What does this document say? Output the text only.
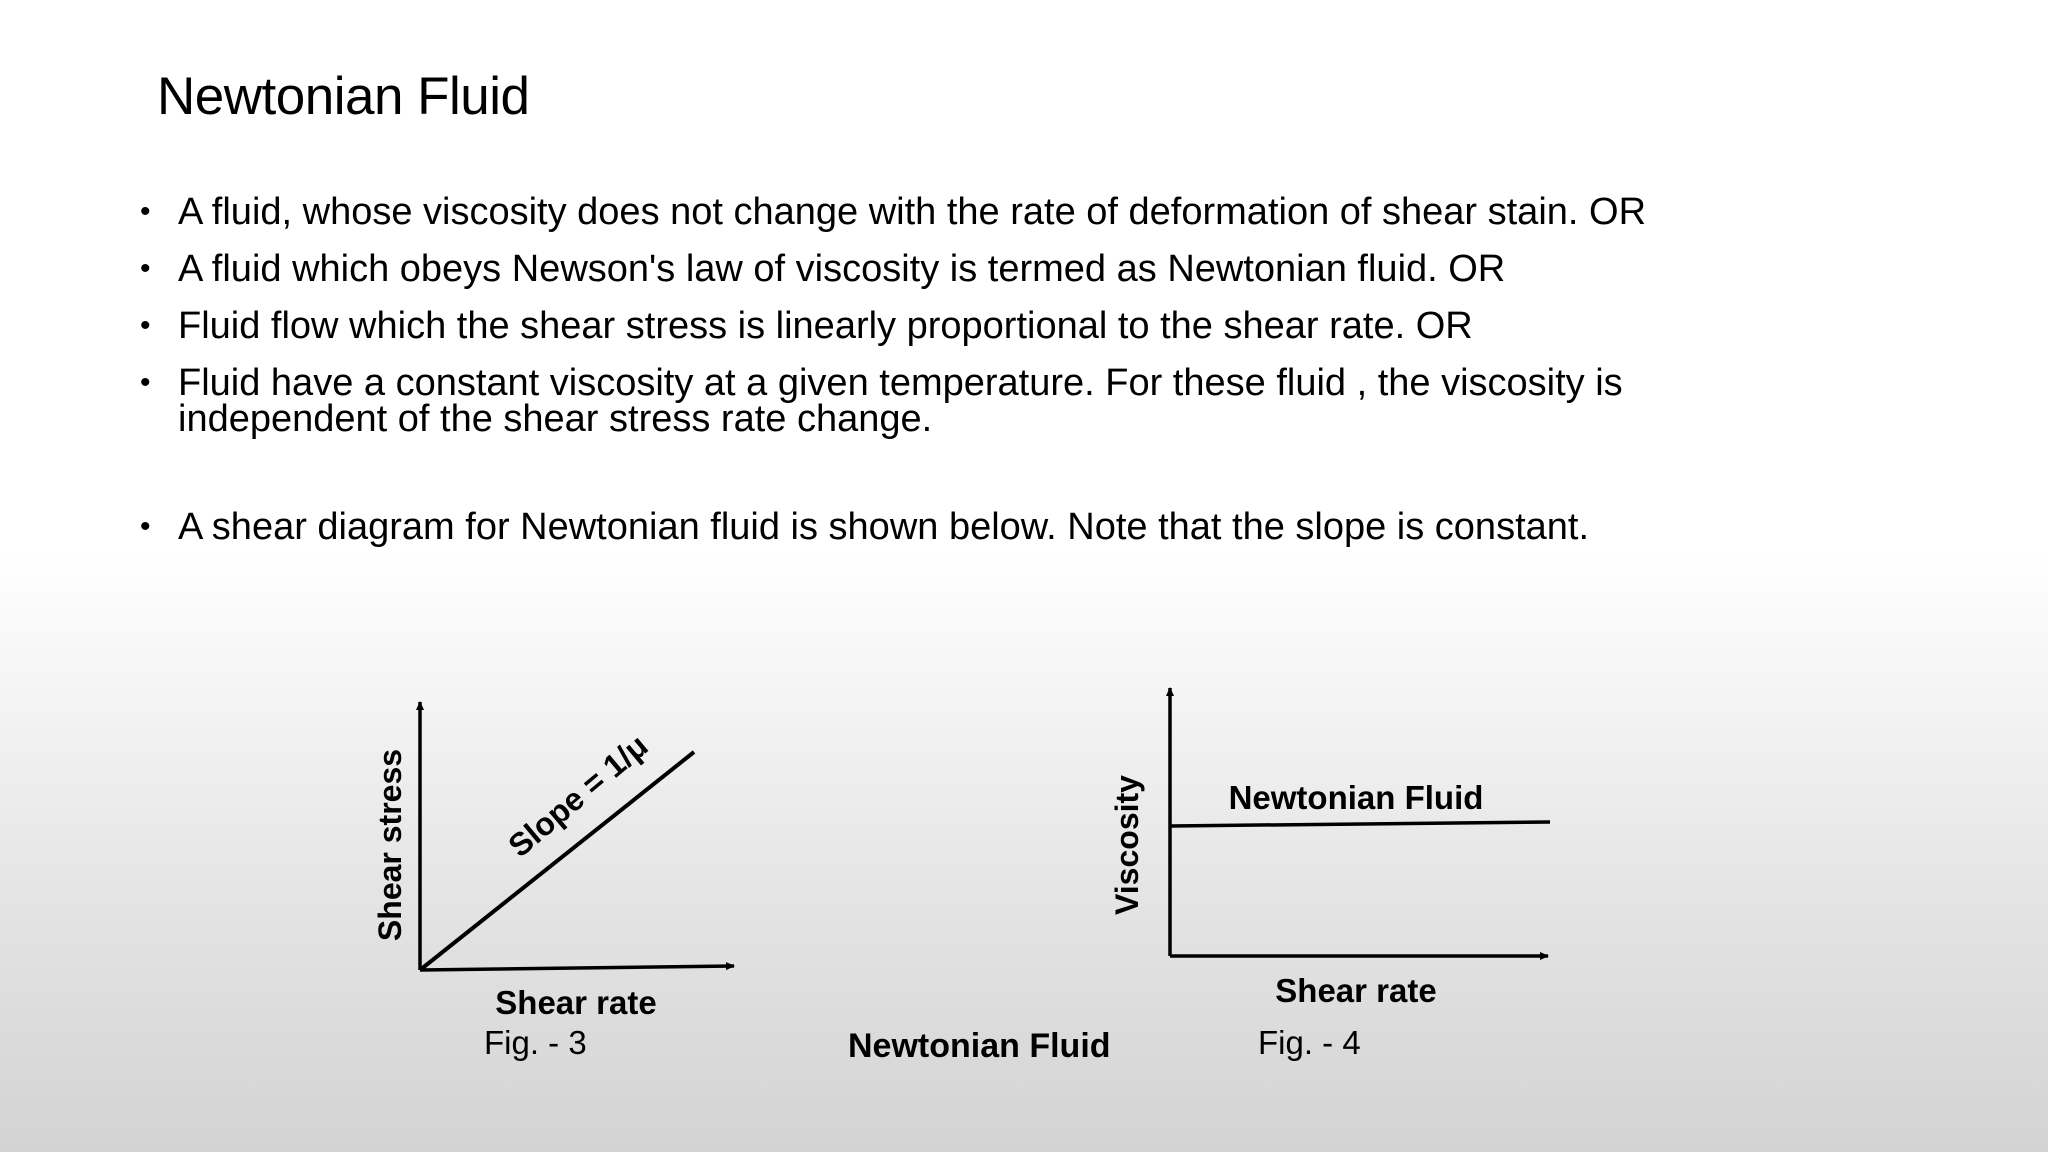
Newtonian Fluid
• A fluid, whose viscosity does not change with the rate of deformation of shear stain. OR
• A fluid which obeys Newson's law of viscosity is termed as Newtonian fluid. OR
• Fluid flow which the shear stress is linearly proportional to the shear rate. OR
• Fluid have a constant viscosity at a given temperature. For these fluid , the viscosity is independent of the shear stress rate change.
• A shear diagram for Newtonian fluid is shown below. Note that the slope is constant.
Shear stress	Slope = 1/μ
Shear rate
Viscosity	Newtonian Fluid
Shear rate
Fig. - 3	Newtonian Fluid	Fig. - 4
